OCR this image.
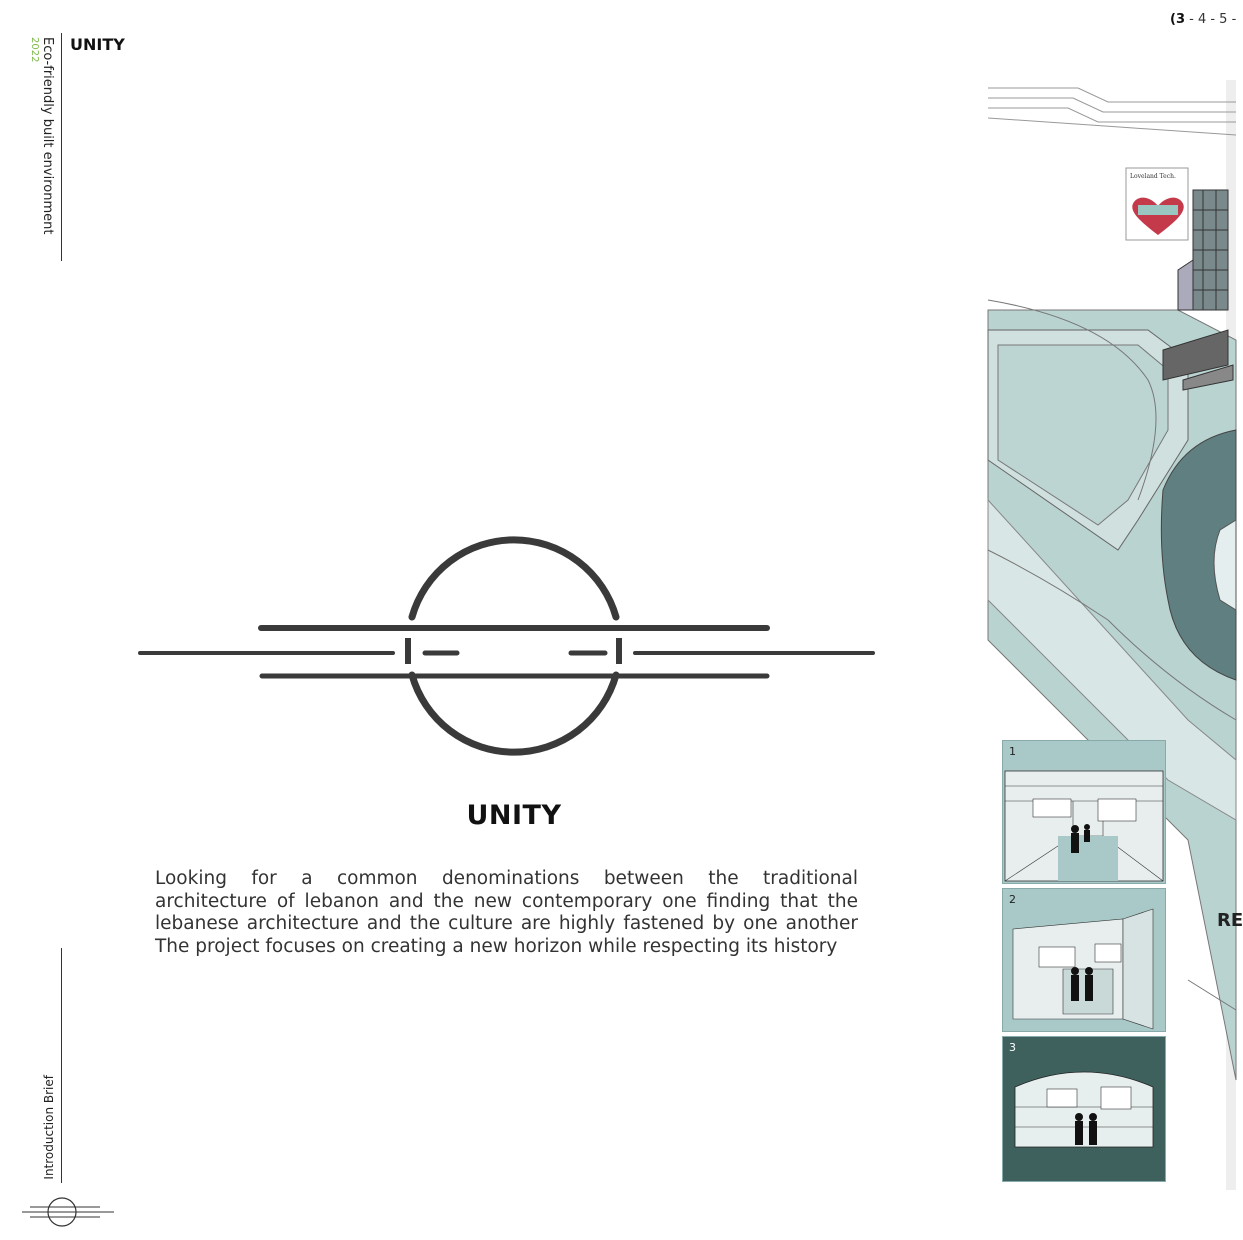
Eco-friendly built environment
2022
Introduction Brief
UNITY
UNITY

Looking for a common denominations between the traditional

architecture of lebanon and the new contemporary one finding that the

lebanese architecture and the culture are highly fastened by one another

The project focuses on creating a new horizon while respecting its history

(3 - 4 - 5 -
Loveland Tech.
1
2
3
RE
